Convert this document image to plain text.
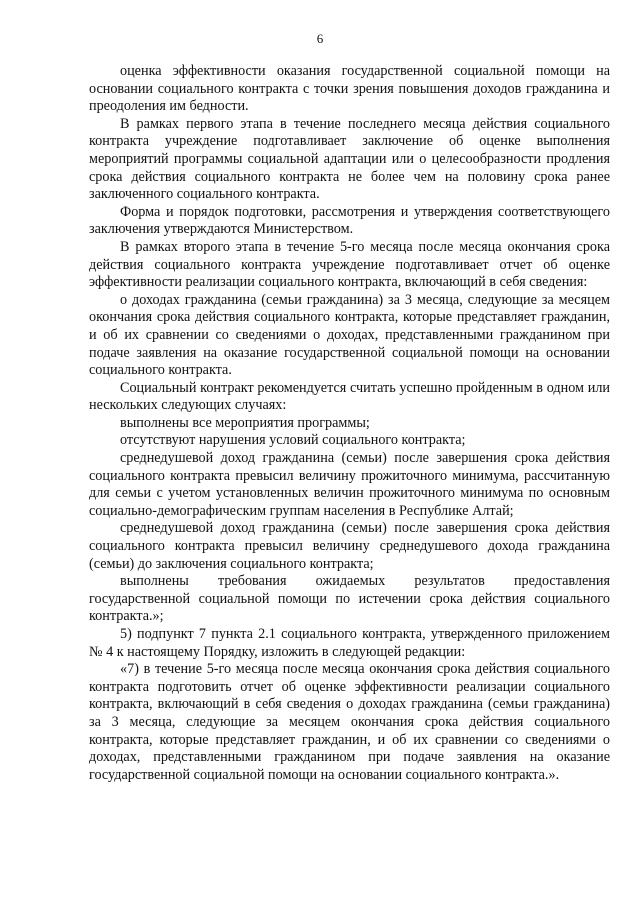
6

оценка эффективности оказания государственной социальной помощи на основании социального контракта с точки зрения повышения доходов гражданина и преодоления им бедности.

В рамках первого этапа в течение последнего месяца действия социального контракта учреждение подготавливает заключение об оценке выполнения мероприятий программы социальной адаптации или о целесообразности продления срока действия социального контракта не более чем на половину срока ранее заключенного социального контракта.

Форма и порядок подготовки, рассмотрения и утверждения соответствующего заключения утверждаются Министерством.

В рамках второго этапа в течение 5-го месяца после месяца окончания срока действия социального контракта учреждение подготавливает отчет об оценке эффективности реализации социального контракта, включающий в себя сведения:

о доходах гражданина (семьи гражданина) за 3 месяца, следующие за месяцем окончания срока действия социального контракта, которые представляет гражданин, и об их сравнении со сведениями о доходах, представленными гражданином при подаче заявления на оказание государственной социальной помощи на основании социального контракта.

Социальный контракт рекомендуется считать успешно пройденным в одном или нескольких следующих случаях:

выполнены все мероприятия программы;

отсутствуют нарушения условий социального контракта;

среднедушевой доход гражданина (семьи) после завершения срока действия социального контракта превысил величину прожиточного минимума, рассчитанную для семьи с учетом установленных величин прожиточного минимума по основным социально-демографическим группам населения в Республике Алтай;

среднедушевой доход гражданина (семьи) после завершения срока действия социального контракта превысил величину среднедушевого дохода гражданина (семьи) до заключения социального контракта;

выполнены требования ожидаемых результатов предоставления государственной социальной помощи по истечении срока действия социального контракта.»;

5) подпункт 7 пункта 2.1 социального контракта, утвержденного приложением № 4 к настоящему Порядку, изложить в следующей редакции:

«7) в течение 5-го месяца после месяца окончания срока действия социального контракта подготовить отчет об оценке эффективности реализации социального контракта, включающий в себя сведения о доходах гражданина (семьи гражданина) за 3 месяца, следующие за месяцем окончания срока действия социального контракта, которые представляет гражданин, и об их сравнении со сведениями о доходах, представленными гражданином при подаче заявления на оказание государственной социальной помощи на основании социального контракта.».
